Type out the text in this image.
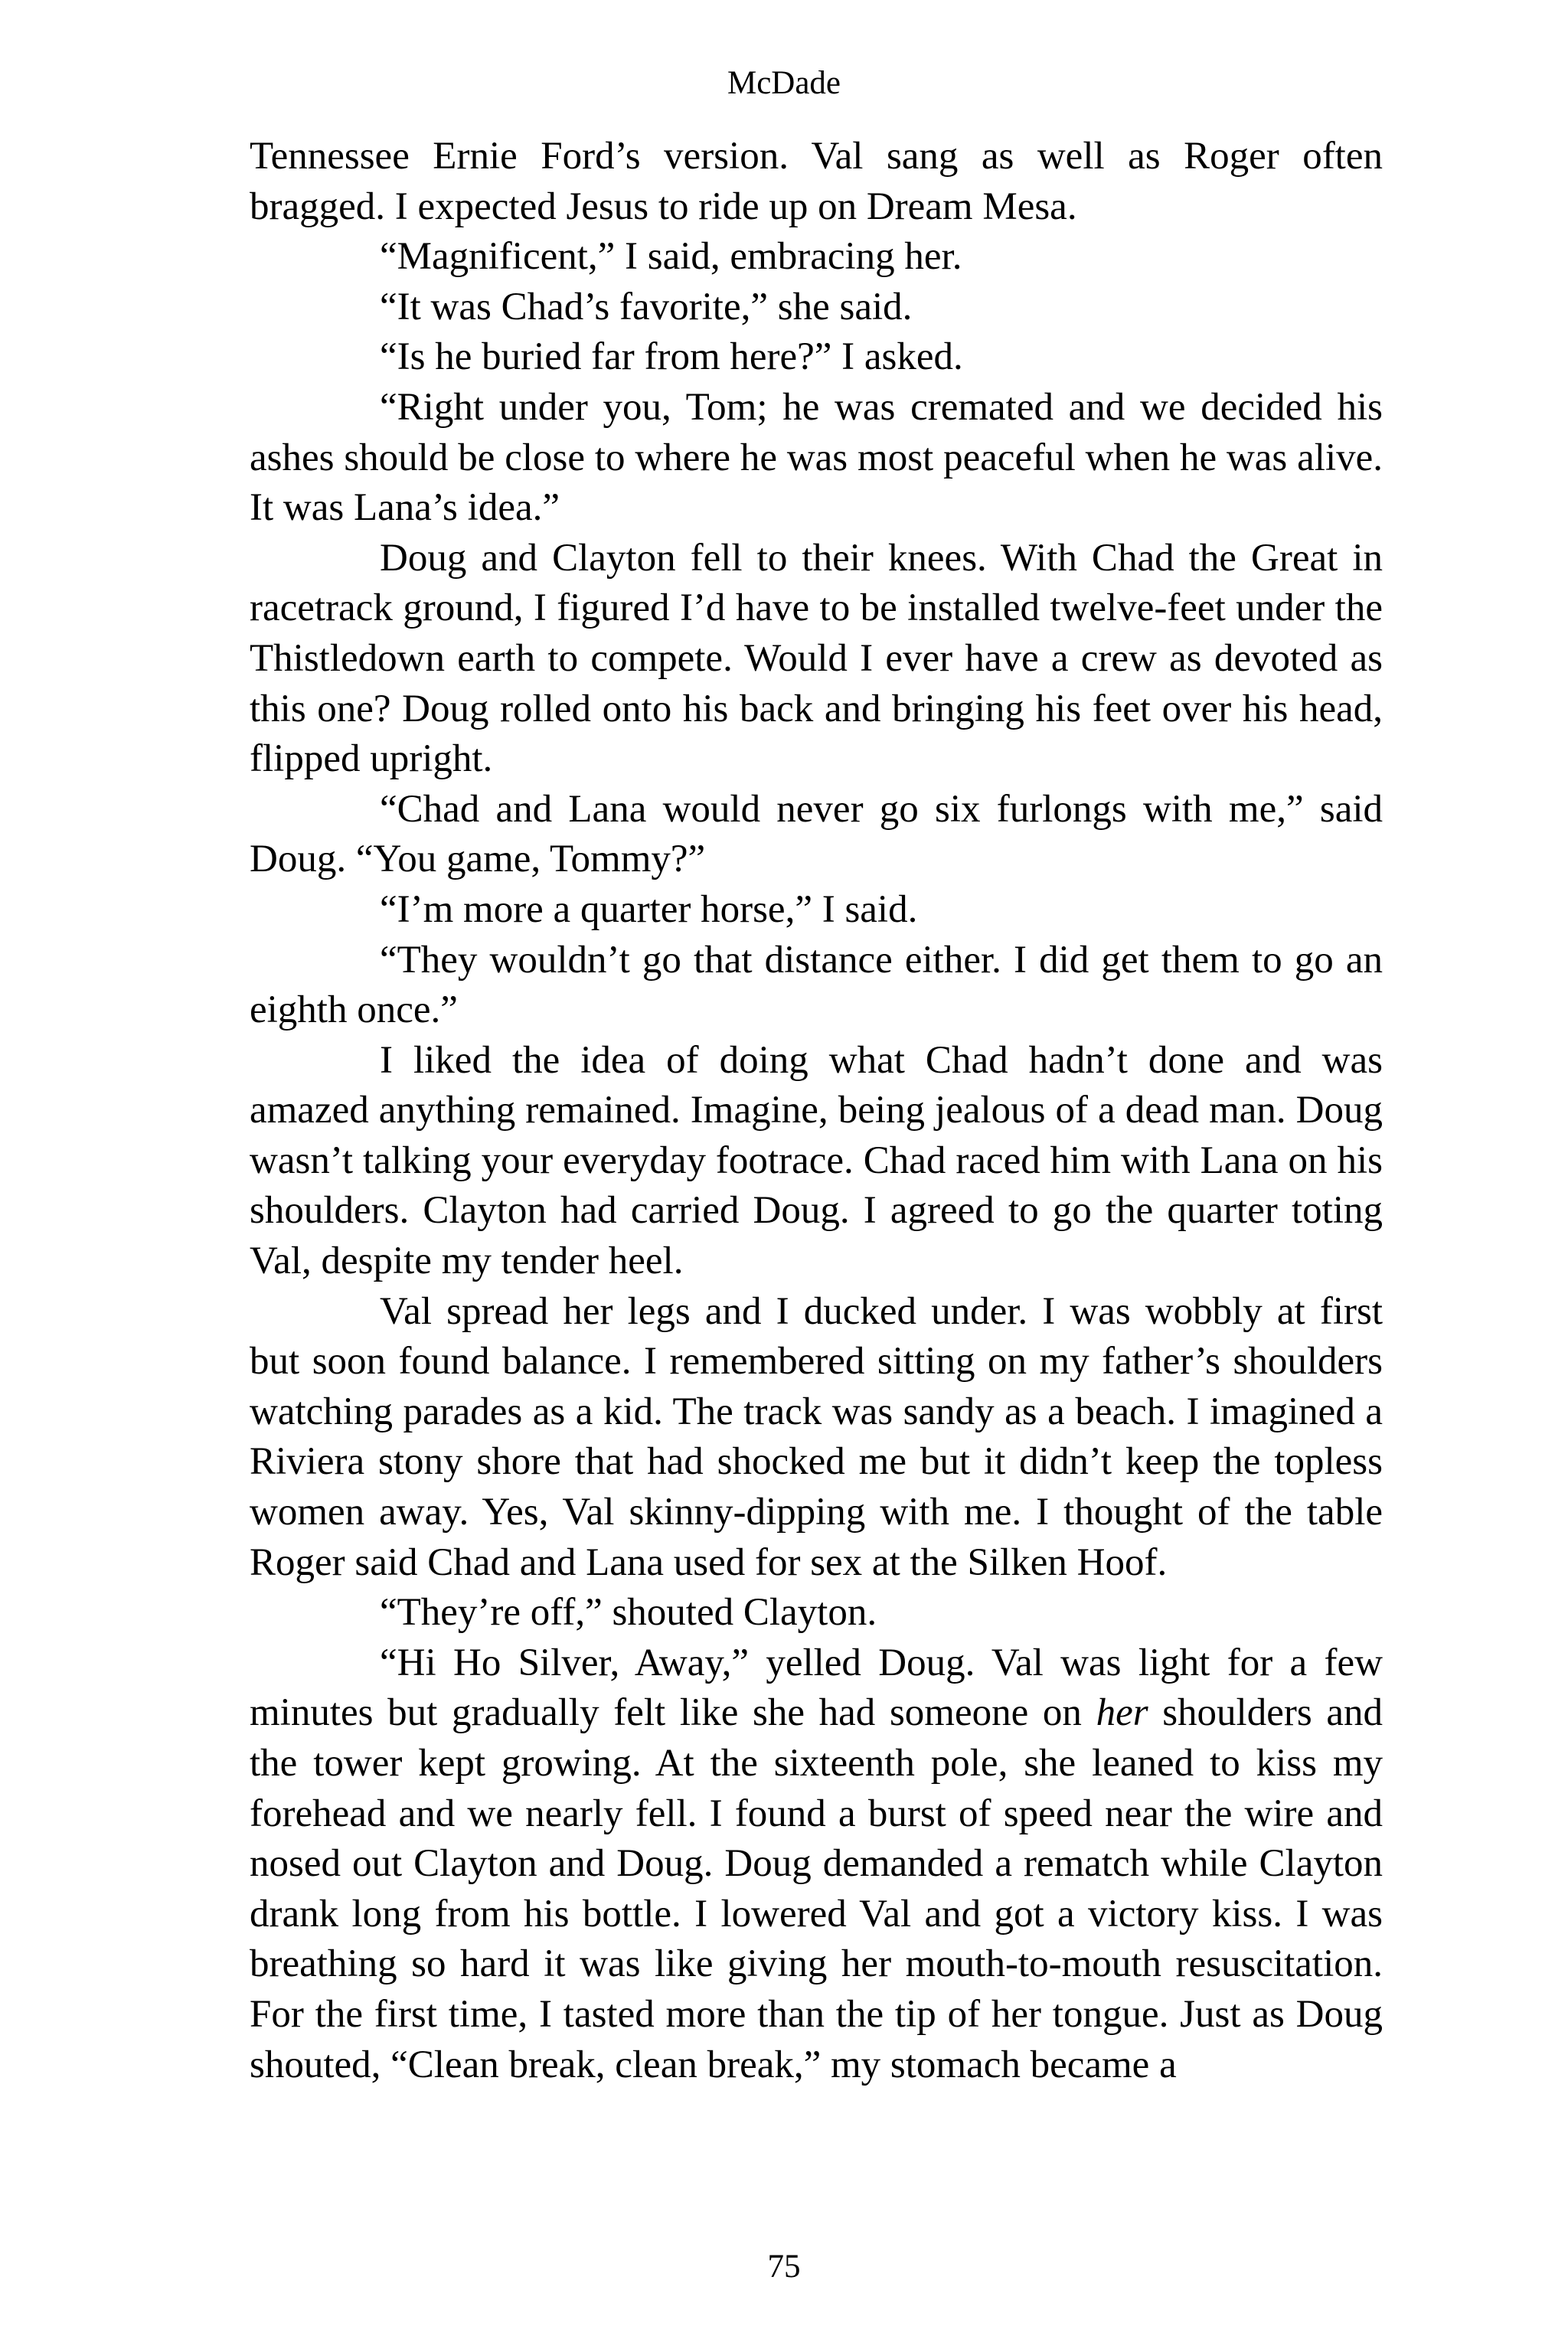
McDade

Tennessee Ernie Ford’s version. Val sang as well as Roger often bragged. I expected Jesus to ride up on Dream Mesa.

“Magnificent,” I said, embracing her.

“It was Chad’s favorite,” she said.

“Is he buried far from here?” I asked.

“Right under you, Tom; he was cremated and we decided his ashes should be close to where he was most peaceful when he was alive. It was Lana’s idea.”

Doug and Clayton fell to their knees. With Chad the Great in racetrack ground, I figured I’d have to be installed twelve-feet under the Thistledown earth to compete. Would I ever have a crew as devoted as this one? Doug rolled onto his back and bringing his feet over his head, flipped upright.

“Chad and Lana would never go six furlongs with me,” said Doug. “You game, Tommy?”

“I’m more a quarter horse,” I said.

“They wouldn’t go that distance either. I did get them to go an eighth once.”

I liked the idea of doing what Chad hadn’t done and was amazed anything remained. Imagine, being jealous of a dead man. Doug wasn’t talking your everyday footrace. Chad raced him with Lana on his shoulders. Clayton had carried Doug. I agreed to go the quarter toting Val, despite my tender heel.

Val spread her legs and I ducked under. I was wobbly at first but soon found balance. I remembered sitting on my father’s shoulders watching parades as a kid. The track was sandy as a beach. I imagined a Riviera stony shore that had shocked me but it didn’t keep the topless women away. Yes, Val skinny-dipping with me. I thought of the table Roger said Chad and Lana used for sex at the Silken Hoof.

“They’re off,” shouted Clayton.

“Hi Ho Silver, Away,” yelled Doug. Val was light for a few minutes but gradually felt like she had someone on her shoulders and the tower kept growing. At the sixteenth pole, she leaned to kiss my forehead and we nearly fell. I found a burst of speed near the wire and nosed out Clayton and Doug. Doug demanded a rematch while Clayton drank long from his bottle. I lowered Val and got a victory kiss. I was breathing so hard it was like giving her mouth-to-mouth resuscitation. For the first time, I tasted more than the tip of her tongue. Just as Doug shouted, “Clean break, clean break,” my stomach became a

75
